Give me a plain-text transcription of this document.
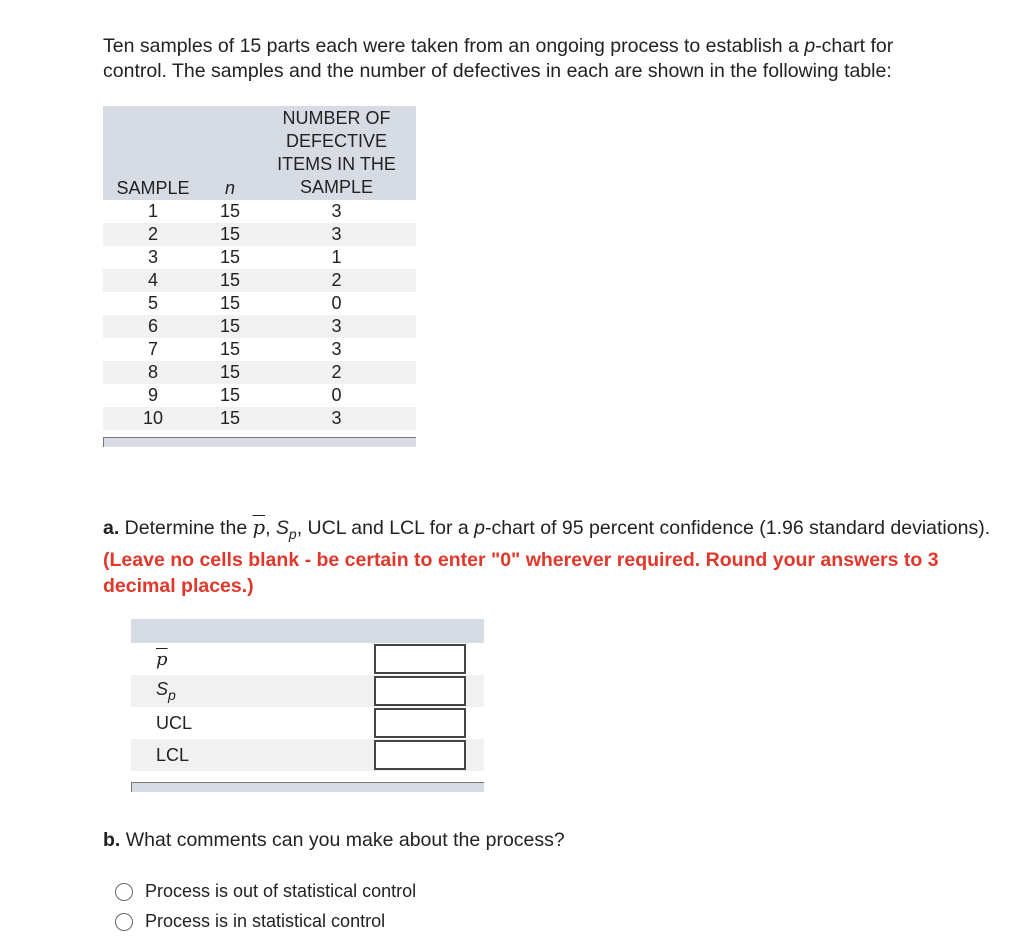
Ten samples of 15 parts each were taken from an ongoing process to establish a p-chart for
control. The samples and the number of defectives in each are shown in the following table:

SAMPLE	n	NUMBER OF
DEFECTIVE
ITEMS IN THE
SAMPLE
1	15	3
2	15	3
3	15	1
4	15	2
5	15	0
6	15	3
7	15	3
8	15	2
9	15	0
10	15	3

a. Determine the $\overline{p}$, $S_p$, UCL and LCL for a p-chart of 95 percent confidence (1.96 standard deviations). (Leave no cells blank - be certain to enter "0" wherever required. Round your answers to 3 decimal places.)

$\overline{p}$
$S_p$
UCL
LCL

b. What comments can you make about the process?

Process is out of statistical control
Process is in statistical control
